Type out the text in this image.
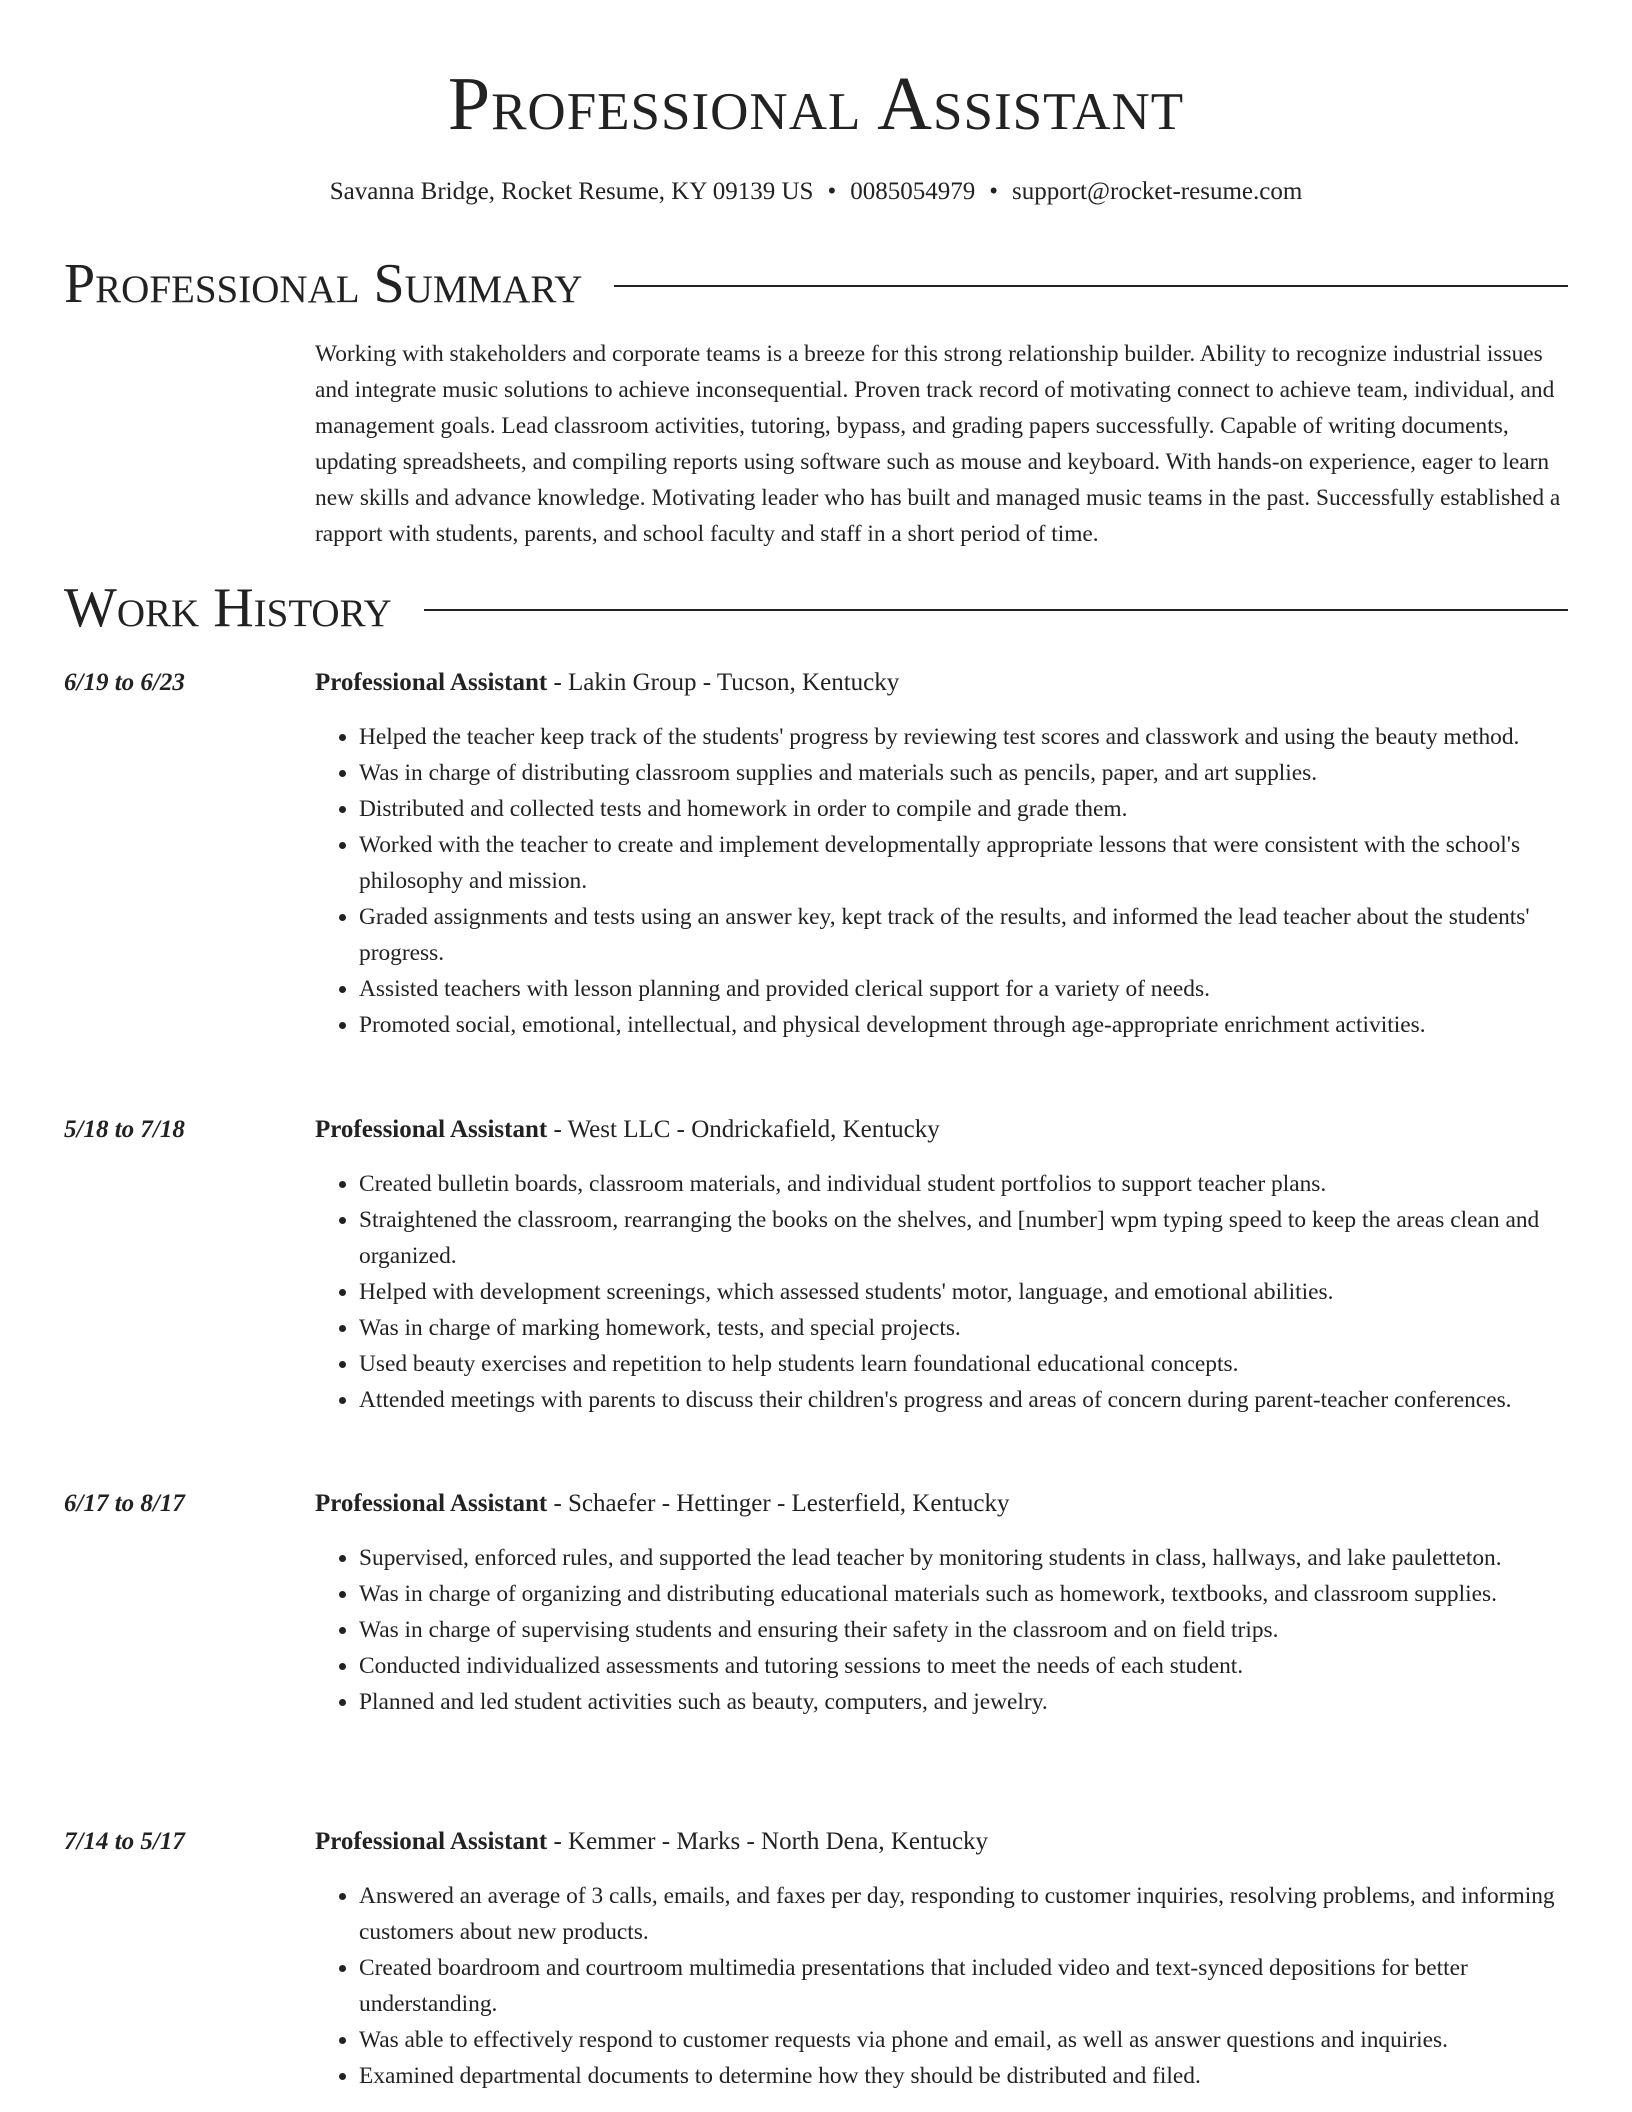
Professional Assistant
Savanna Bridge, Rocket Resume, KY 09139 US • 0085054979 • support@rocket-resume.com
Professional Summary
Working with stakeholders and corporate teams is a breeze for this strong relationship builder. Ability to recognize industrial issues and integrate music solutions to achieve inconsequential. Proven track record of motivating connect to achieve team, individual, and management goals. Lead classroom activities, tutoring, bypass, and grading papers successfully. Capable of writing documents, updating spreadsheets, and compiling reports using software such as mouse and keyboard. With hands-on experience, eager to learn new skills and advance knowledge. Motivating leader who has built and managed music teams in the past. Successfully established a rapport with students, parents, and school faculty and staff in a short period of time.
Work History
6/19 to 6/23	Professional Assistant - Lakin Group - Tucson, Kentucky
• Helped the teacher keep track of the students' progress by reviewing test scores and classwork and using the beauty method.
• Was in charge of distributing classroom supplies and materials such as pencils, paper, and art supplies.
• Distributed and collected tests and homework in order to compile and grade them.
• Worked with the teacher to create and implement developmentally appropriate lessons that were consistent with the school's philosophy and mission.
• Graded assignments and tests using an answer key, kept track of the results, and informed the lead teacher about the students' progress.
• Assisted teachers with lesson planning and provided clerical support for a variety of needs.
• Promoted social, emotional, intellectual, and physical development through age-appropriate enrichment activities.
5/18 to 7/18	Professional Assistant - West LLC - Ondrickafield, Kentucky
• Created bulletin boards, classroom materials, and individual student portfolios to support teacher plans.
• Straightened the classroom, rearranging the books on the shelves, and [number] wpm typing speed to keep the areas clean and organized.
• Helped with development screenings, which assessed students' motor, language, and emotional abilities.
• Was in charge of marking homework, tests, and special projects.
• Used beauty exercises and repetition to help students learn foundational educational concepts.
• Attended meetings with parents to discuss their children's progress and areas of concern during parent-teacher conferences.
6/17 to 8/17	Professional Assistant - Schaefer - Hettinger - Lesterfield, Kentucky
• Supervised, enforced rules, and supported the lead teacher by monitoring students in class, hallways, and lake pauletteton.
• Was in charge of organizing and distributing educational materials such as homework, textbooks, and classroom supplies.
• Was in charge of supervising students and ensuring their safety in the classroom and on field trips.
• Conducted individualized assessments and tutoring sessions to meet the needs of each student.
• Planned and led student activities such as beauty, computers, and jewelry.
7/14 to 5/17	Professional Assistant - Kemmer - Marks - North Dena, Kentucky
• Answered an average of 3 calls, emails, and faxes per day, responding to customer inquiries, resolving problems, and informing customers about new products.
• Created boardroom and courtroom multimedia presentations that included video and text-synced depositions for better understanding.
• Was able to effectively respond to customer requests via phone and email, as well as answer questions and inquiries.
• Examined departmental documents to determine how they should be distributed and filed.
